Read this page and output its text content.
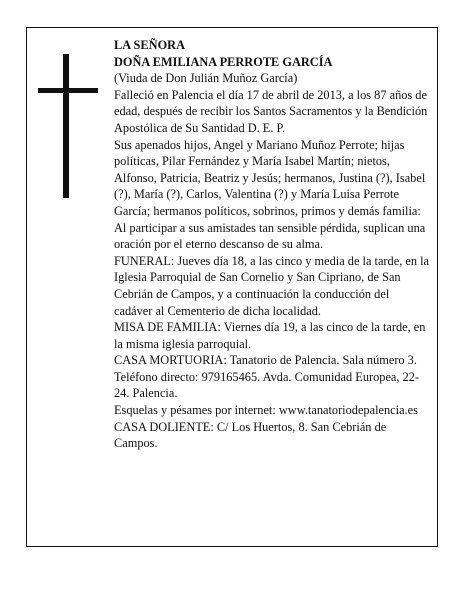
LA SEÑORA

DOÑA EMILIANA PERROTE GARCÍA

(Viuda de Don Julián Muñoz García)

Falleció en Palencia el día 17 de abril de 2013, a los 87 años de edad, después de recibir los Santos Sacramentos y la Bendición Apostólica de Su Santidad D. E. P.

Sus apenados hijos, Angel y Mariano Muñoz Perrote; hijas políticas, Pilar Fernández y María Isabel Martín; nietos, Alfonso, Patricia, Beatriz y Jesús; hermanos, Justina (?), Isabel (?), María (?), Carlos, Valentina (?) y María Luisa Perrote García; hermanos políticos, sobrinos, primos y demás familia:

Al participar a sus amistades tan sensible pérdida, suplican una oración por el eterno descanso de su alma.

FUNERAL: Jueves día 18, a las cinco y media de la tarde, en la Iglesia Parroquial de San Cornelio y San Cipriano, de San Cebrián de Campos, y a continuación la conducción del cadáver al Cementerio de dicha localidad.

MISA DE FAMILIA: Viernes día 19, a las cinco de la tarde, en la misma iglesia parroquial.

CASA MORTUORIA: Tanatorio de Palencia. Sala número 3. Teléfono directo: 979165465. Avda. Comunidad Europea, 22-24. Palencia.

Esquelas y pésames por internet: www.tanatoriodepalencia.es

CASA DOLIENTE: C/ Los Huertos, 8. San Cebrián de Campos.
